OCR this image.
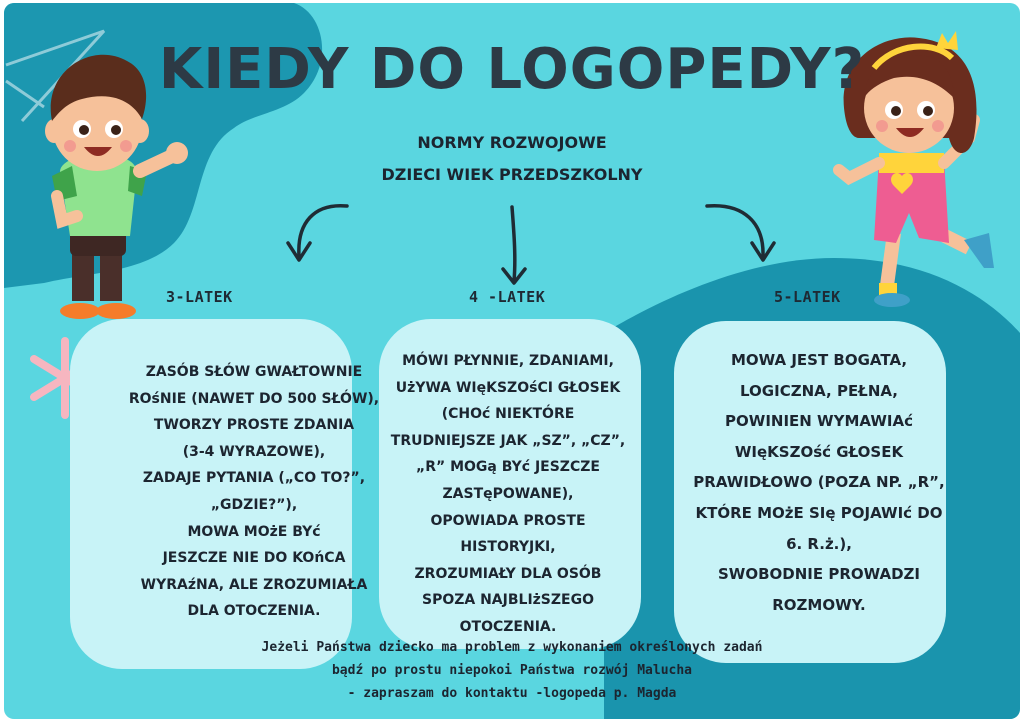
KIEDY DO LOGOPEDY?
NORMY ROZWOJOWE
DZIECI WIEK PRZEDSZKOLNY
3-LATEK	4 -LATEK	5-LATEK
ZASÓB SŁÓW GWAŁTOWNIE
ROśNIE (NAWET DO 500 SŁÓW),
TWORZY PROSTE ZDANIA
(3-4 WYRAZOWE),
ZADAJE PYTANIA („CO TO?”,
„GDZIE?”),
MOWA MOżE BYć
JESZCZE NIE DO KOńCA
WYRAźNA, ALE ZROZUMIAŁA
DLA OTOCZENIA.
MÓWI PŁYNNIE, ZDANIAMI,
UżYWA WIęKSZOśCI GŁOSEK
(CHOć NIEKTÓRE
TRUDNIEJSZE JAK „SZ”, „CZ”,
„R” MOGą BYć JESZCZE
ZASTęPOWANE),
OPOWIADA PROSTE
HISTORYJKI,
ZROZUMIAŁY DLA OSÓB
SPOZA NAJBLIżSZEGO
OTOCZENIA.
MOWA JEST BOGATA,
LOGICZNA, PEŁNA,
POWINIEN WYMAWIAć
WIęKSZOść GŁOSEK
PRAWIDŁOWO (POZA NP. „R”,
KTÓRE MOżE SIę POJAWIć DO
6. R.ż.),
SWOBODNIE PROWADZI
ROZMOWY.
Jeżeli Państwa dziecko ma problem z wykonaniem określonych zadań
bądź po prostu niepokoi Państwa rozwój Malucha
- zapraszam do kontaktu -logopeda p. Magda
